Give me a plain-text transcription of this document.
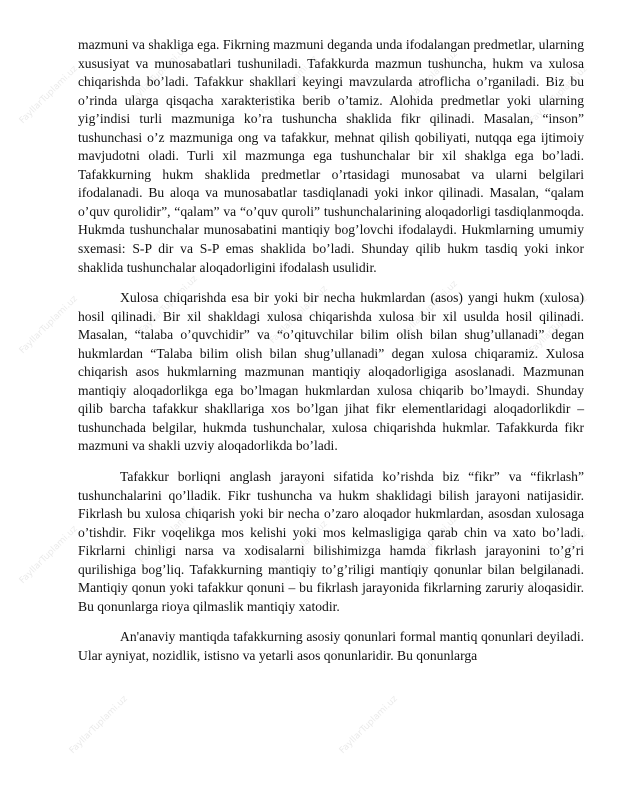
FayllarTuplami.uz	FayllarTuplami.uz	FayllarTuplami.uz	FayllarTuplami.uz	FayllarTuplami.uz
FayllarTuplami.uz	FayllarTuplami.uz	FayllarTuplami.uz	FayllarTuplami.uz	FayllarTuplami.uz
FayllarTuplami.uz	FayllarTuplami.uz	FayllarTuplami.uz	FayllarTuplami.uz	FayllarTuplami.uz
FayllarTuplami.uz	FayllarTuplami.uz

mazmuni va shakliga ega. Fikrning mazmuni deganda unda ifodalangan predmetlar, ularning xususiyat va munosabatlari tushuniladi. Tafakkurda mazmun tushuncha, hukm va xulosa chiqarishda bo’ladi. Tafakkur shakllari keyingi mavzularda atroflicha o’rganiladi. Biz bu o’rinda ularga qisqacha xarakteristika berib o’tamiz. Alohida predmetlar yoki ularning yig’indisi turli mazmuniga ko’ra tushuncha shaklida fikr qilinadi. Masalan, “inson” tushunchasi o’z mazmuniga ong va tafakkur, mehnat qilish qobiliyati, nutqqa ega ijtimoiy mavjudotni oladi. Turli xil mazmunga ega tushunchalar bir xil shaklga ega bo’ladi. Tafakkurning hukm shaklida predmetlar o’rtasidagi munosabat va ularni belgilari ifodalanadi. Bu aloqa va munosabatlar tasdiqlanadi yoki inkor qilinadi. Masalan, “qalam o’quv qurolidir”, “qalam” va “o’quv quroli” tushunchalarining aloqadorligi tasdiqlanmoqda. Hukmda tushunchalar munosabatini mantiqiy bog’lovchi ifodalaydi. Hukmlarning umumiy sxemasi: S-P dir va S-P emas shaklida bo’ladi. Shunday qilib hukm tasdiq yoki inkor shaklida tushunchalar aloqadorligini ifodalash usulidir.

Xulosa chiqarishda esa bir yoki bir necha hukmlardan (asos) yangi hukm (xulosa) hosil qilinadi. Bir xil shakldagi xulosa chiqarishda xulosa bir xil usulda hosil qilinadi. Masalan, “talaba o’quvchidir” va “o’qituvchilar bilim olish bilan shug’ullanadi” degan hukmlardan “Talaba bilim olish bilan shug’ullanadi” degan xulosa chiqaramiz. Xulosa chiqarish asos hukmlarning mazmunan mantiqiy aloqadorligiga asoslanadi. Mazmunan mantiqiy aloqadorlikga ega bo’lmagan hukmlardan xulosa chiqarib bo’lmaydi. Shunday qilib barcha tafakkur shakllariga xos bo’lgan jihat fikr elementlaridagi aloqadorlikdir – tushunchada belgilar, hukmda tushunchalar, xulosa chiqarishda hukmlar. Tafakkurda fikr mazmuni va shakli uzviy aloqadorlikda bo’ladi.

Tafakkur borliqni anglash jarayoni sifatida ko’rishda biz “fikr” va “fikrlash” tushunchalarini qo’lladik. Fikr tushuncha va hukm shaklidagi bilish jarayoni natijasidir. Fikrlash bu xulosa chiqarish yoki bir necha o’zaro aloqador hukmlardan, asosdan xulosaga o’tishdir. Fikr voqelikga mos kelishi yoki mos kelmasligiga qarab chin va xato bo’ladi. Fikrlarni chinligi narsa va xodisalarni bilishimizga hamda fikrlash jarayonini to’g’ri qurilishiga bog’liq. Tafakkurning mantiqiy to’g’riligi mantiqiy qonunlar bilan belgilanadi. Mantiqiy qonun yoki tafakkur qonuni – bu fikrlash jarayonida fikrlarning zaruriy aloqasidir. Bu qonunlarga rioya qilmaslik mantiqiy xatodir.

An'anaviy mantiqda tafakkurning asosiy qonunlari formal mantiq qonunlari deyiladi. Ular ayniyat, nozidlik, istisno va yetarli asos qonunlaridir. Bu qonunlarga
